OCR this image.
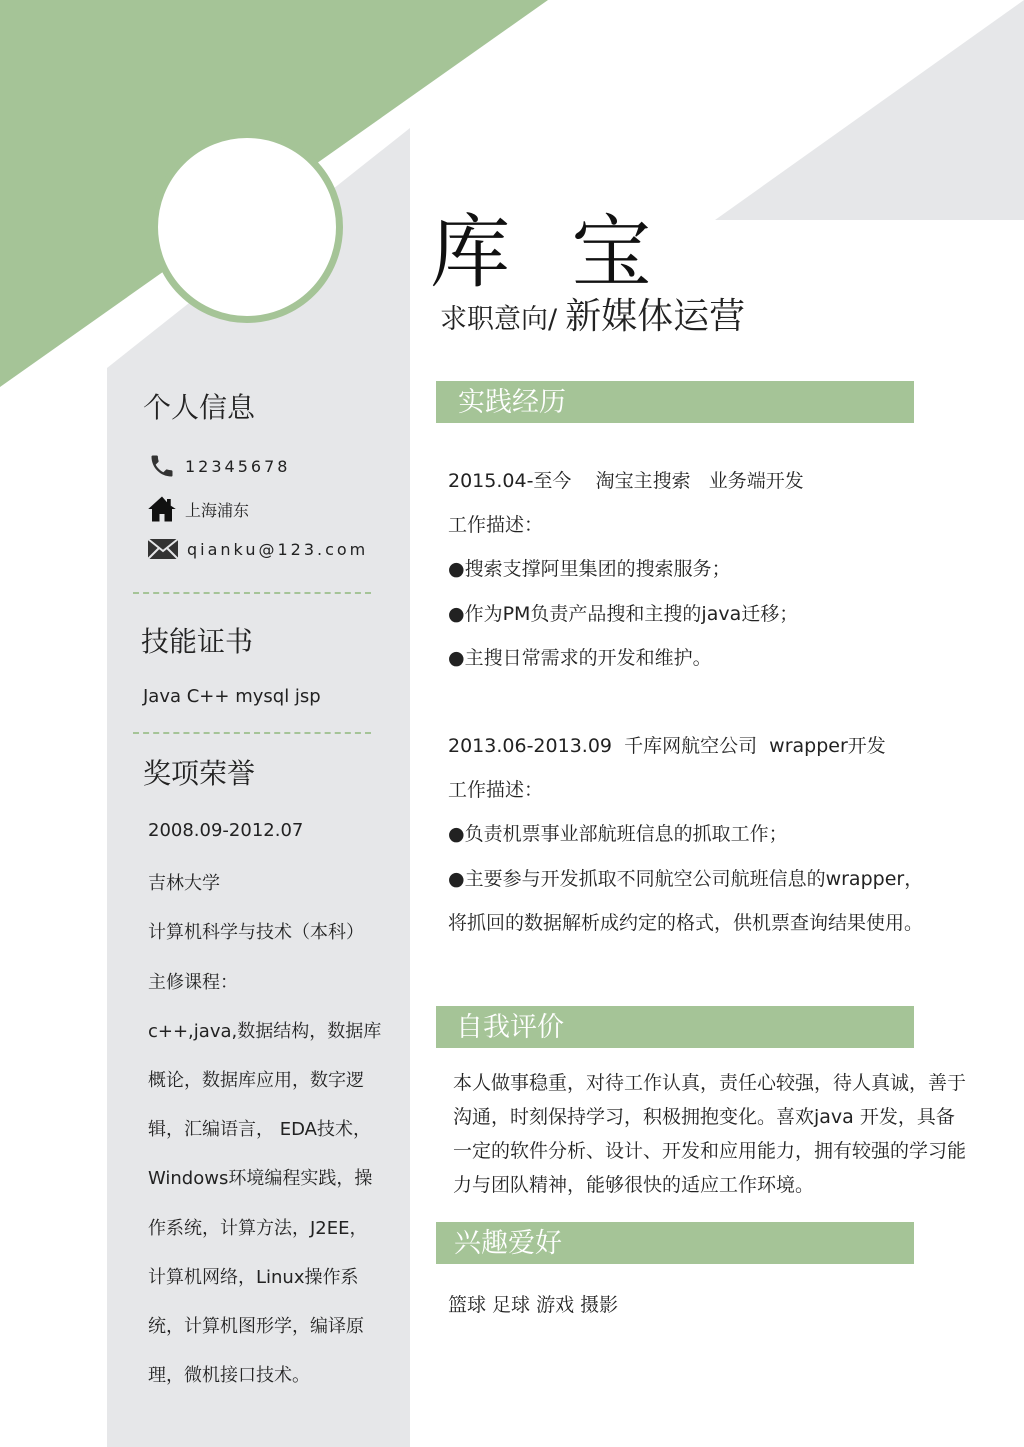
库 宝
求职意向/ 新媒体运营
个人信息
12345678
上海浦东
qianku@123.com
技能证书
Java C++ mysql jsp
奖项荣誉
2008.09-2012.07
吉林大学
计算机科学与技术（本科）
主修课程：
c++,java,数据结构，数据库
概论，数据库应用，数字逻
辑，汇编语言， EDA技术，
Windows环境编程实践，操
作系统，计算方法，J2EE，
计算机网络，Linux操作系
统，计算机图形学，编译原
理，微机接口技术。
实践经历
2015.04-至今    淘宝主搜索   业务端开发
工作描述：
●搜索支撑阿里集团的搜索服务；
●作为PM负责产品搜和主搜的java迁移；
●主搜日常需求的开发和维护。
2013.06-2013.09  千库网航空公司  wrapper开发
工作描述：
●负责机票事业部航班信息的抓取工作；
●主要参与开发抓取不同航空公司航班信息的wrapper，
将抓回的数据解析成约定的格式，供机票查询结果使用。
自我评价
本人做事稳重，对待工作认真，责任心较强，待人真诚，善于沟通，时刻保持学习，积极拥抱变化。喜欢java 开发，具备一定的软件分析、设计、开发和应用能力，拥有较强的学习能力与团队精神，能够很快的适应工作环境。
兴趣爱好
篮球 足球 游戏 摄影
